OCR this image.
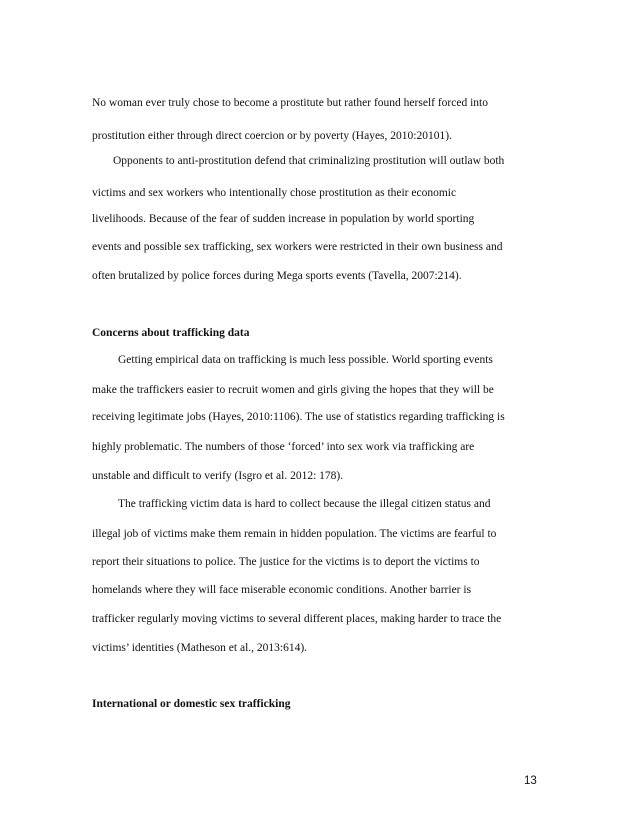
No woman ever truly chose to become a prostitute but rather found herself forced into
prostitution either through direct coercion or by poverty (Hayes, 2010:20101).
Opponents to anti-prostitution defend that criminalizing prostitution will outlaw both
victims and sex workers who intentionally chose prostitution as their economic
livelihoods. Because of the fear of sudden increase in population by world sporting
events and possible sex trafficking, sex workers were restricted in their own business and
often brutalized by police forces during Mega sports events (Tavella, 2007:214).
Concerns about trafficking data
Getting empirical data on trafficking is much less possible. World sporting events
make the traffickers easier to recruit women and girls giving the hopes that they will be
receiving legitimate jobs (Hayes, 2010:1106). The use of statistics regarding trafficking is
highly problematic. The numbers of those ‘forced’ into sex work via trafficking are
unstable and difficult to verify (Isgro et al. 2012: 178).
The trafficking victim data is hard to collect because the illegal citizen status and
illegal job of victims make them remain in hidden population. The victims are fearful to
report their situations to police. The justice for the victims is to deport the victims to
homelands where they will face miserable economic conditions. Another barrier is
trafficker regularly moving victims to several different places, making harder to trace the
victims’ identities (Matheson et al., 2013:614).
International or domestic sex trafficking
13
